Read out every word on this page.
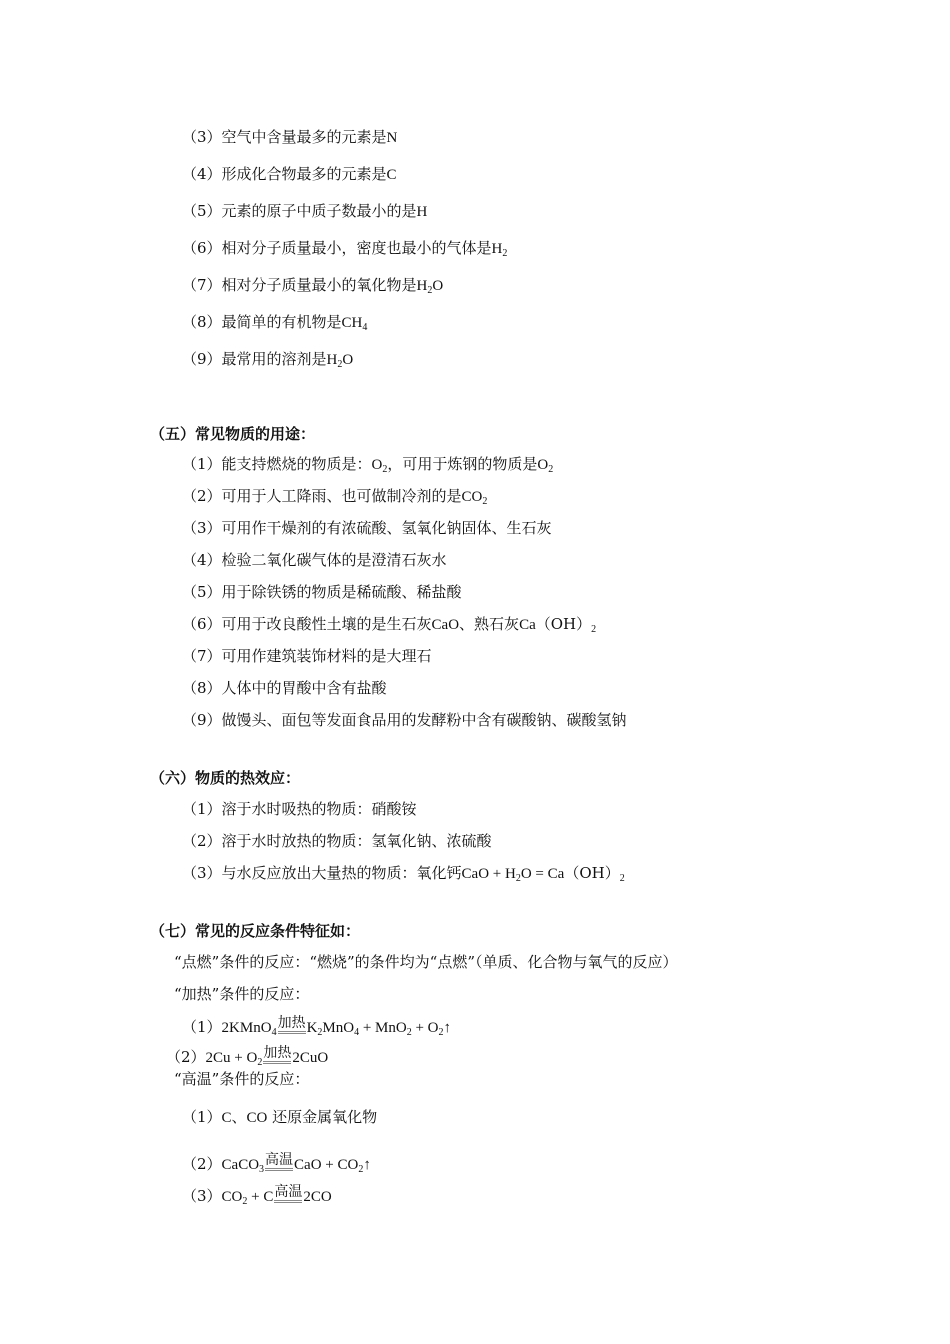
（3）空气中含量最多的元素是N
（4）形成化合物最多的元素是C
（5）元素的原子中质子数最小的是H
（6）相对分子质量最小，密度也最小的气体是$H_2$
（7）相对分子质量最小的氧化物是$H_2O$
（8）最简单的有机物是$CH_4$
（9）最常用的溶剂是$H_2O$
（五）常见物质的用途：
（1）能支持燃烧的物质是：$O_2$，可用于炼钢的物质是$O_2$
（2）可用于人工降雨、也可做制冷剂的是$CO_2$
（3）可用作干燥剂的有浓硫酸、氢氧化钠固体、生石灰
（4）检验二氧化碳气体的是澄清石灰水
（5）用于除铁锈的物质是稀硫酸、稀盐酸
（6）可用于改良酸性土壤的是生石灰CaO、熟石灰$Ca(OH)_2$
（7）可用作建筑装饰材料的是大理石
（8）人体中的胃酸中含有盐酸
（9）做馒头、面包等发面食品用的发酵粉中含有碳酸钠、碳酸氢钠
（六）物质的热效应：
（1）溶于水时吸热的物质：硝酸铵
（2）溶于水时放热的物质：氢氧化钠、浓硫酸
（3）与水反应放出大量热的物质：氧化钙CaO + $H_2O = Ca(OH)_2$
（七）常见的反应条件特征如：
“点燃”条件的反应：“燃烧”的条件均为“点燃”（单质、化合物与氧气的反应）
“加热”条件的反应：
（1）2KMnO$_4$加热$K_2MnO_4 + MnO_2$ + $O_2↑$
$(2)2Cu + O_2$加热2CuO
“高温”条件的反应：
（1）C、CO 还原金属氧化物
（2）CaCO$_3$高温CaO + $CO_2↑$
$(3)CO_2 + C$高温2CO
